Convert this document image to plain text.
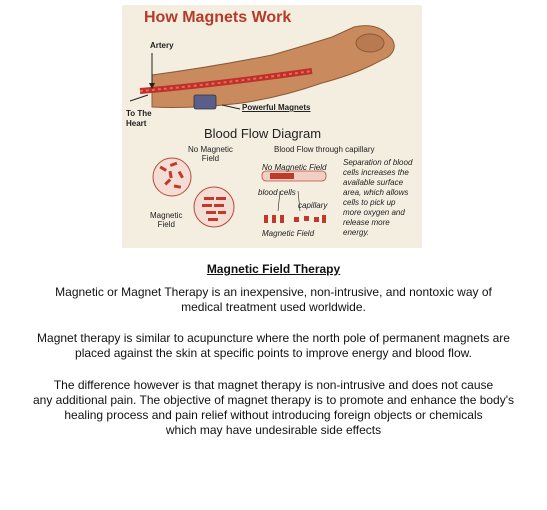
How Magnets Work
Artery
To The
Heart
Powerful Magnets
Blood Flow Diagram
No Magnetic
Field
Magnetic
Field
Blood Flow through capillary
No Magnetic Field
blood cells
capillary
Magnetic Field
Separation of blood
cells increases the
available surface
area, which allows
cells to pick up
more oxygen and
release more
energy.
Magnetic Field Therapy
Magnetic or Magnet Therapy is an inexpensive, non-intrusive, and nontoxic way of
medical treatment used worldwide.
Magnet therapy is similar to acupuncture where the north pole of permanent magnets are
placed against the skin at specific points to improve energy and blood flow.
The difference however is that magnet therapy is non-intrusive and does not cause
any additional pain. The objective of magnet therapy is to promote and enhance the body's
healing process and pain relief without introducing foreign objects or chemicals
which may have undesirable side effects
